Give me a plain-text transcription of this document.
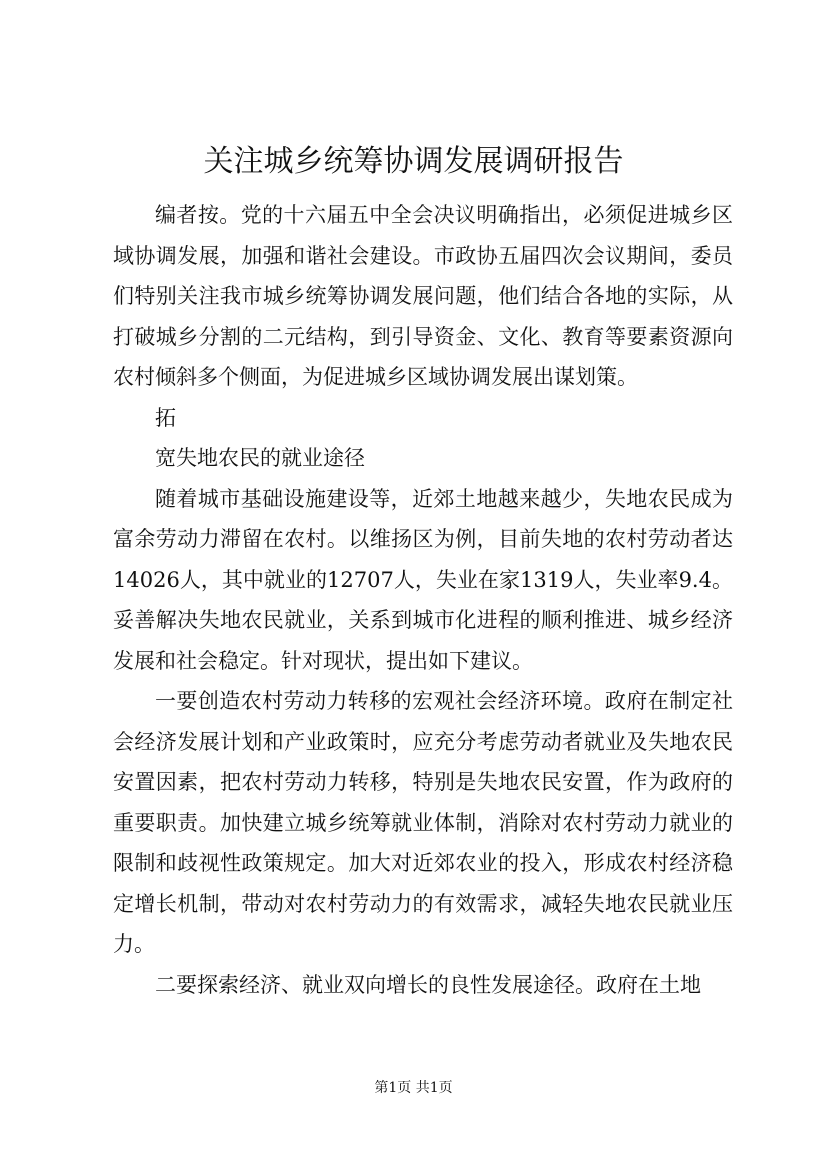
关注城乡统筹协调发展调研报告

编者按。党的十六届五中全会决议明确指出，必须促进城乡区域协调发展，加强和谐社会建设。市政协五届四次会议期间，委员们特别关注我市城乡统筹协调发展问题，他们结合各地的实际，从打破城乡分割的二元结构，到引导资金、文化、教育等要素资源向农村倾斜多个侧面，为促进城乡区域协调发展出谋划策。

拓

宽失地农民的就业途径

随着城市基础设施建设等，近郊土地越来越少，失地农民成为富余劳动力滞留在农村。以维扬区为例，目前失地的农村劳动者达14026人，其中就业的12707人，失业在家1319人，失业率9.4。妥善解决失地农民就业，关系到城市化进程的顺利推进、城乡经济发展和社会稳定。针对现状，提出如下建议。

一要创造农村劳动力转移的宏观社会经济环境。政府在制定社会经济发展计划和产业政策时，应充分考虑劳动者就业及失地农民安置因素，把农村劳动力转移，特别是失地农民安置，作为政府的重要职责。加快建立城乡统筹就业体制，消除对农村劳动力就业的限制和歧视性政策规定。加大对近郊农业的投入，形成农村经济稳定增长机制，带动对农村劳动力的有效需求，减轻失地农民就业压力。

二要探索经济、就业双向增长的良性发展途径。政府在土地

第1页 共1页
